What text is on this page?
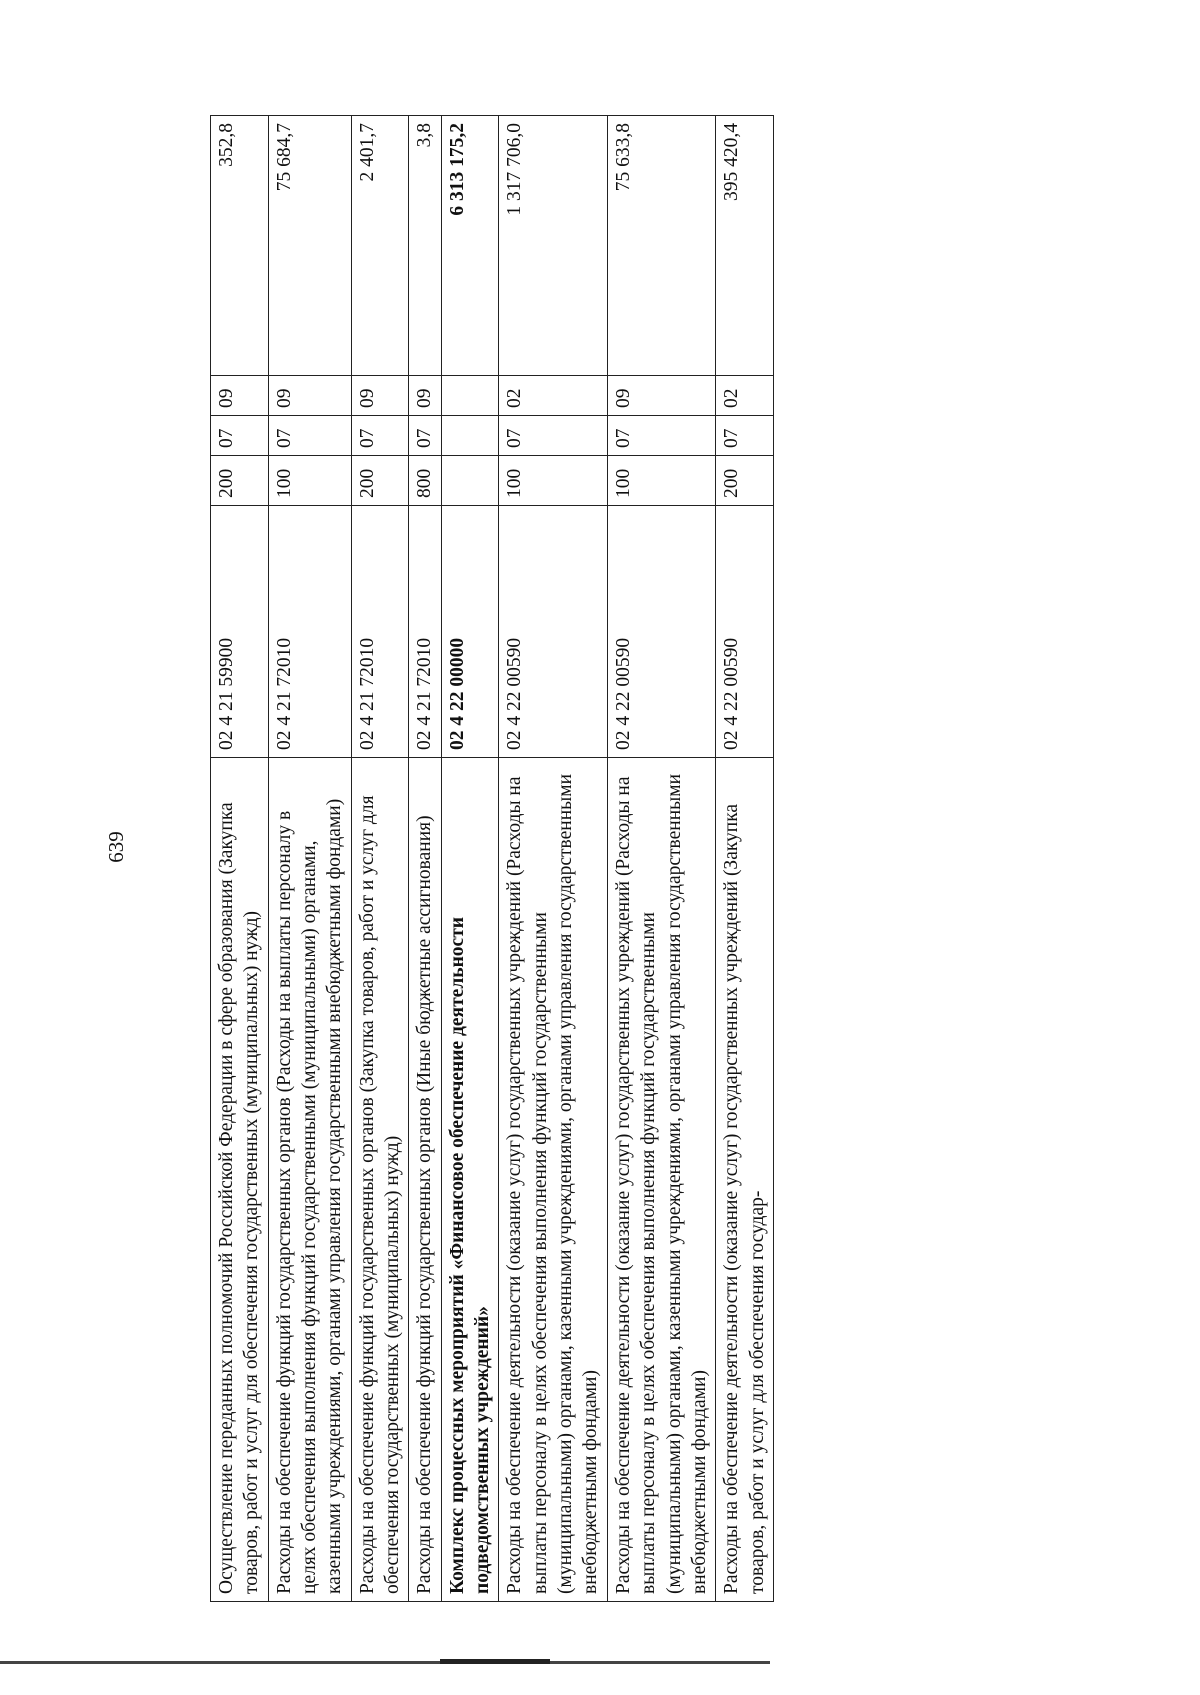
639	Осуществление переданных полномочий Российской Федерации в сфере образования (Закупка товаров, работ и услуг для обеспечения государственных (муниципальных) нужд)	02 4 21 59900	200	07	09	352,8
Расходы на обеспечение функций государственных органов (Расходы на выплаты персоналу в целях обеспечения выполнения функций государственными (муниципальными) органами, казенными учреждениями, органами управления государственными внебюджетными фондами)	02 4 21 72010	100	07	09	75 684,7
Расходы на обеспечение функций государственных органов (Закупка товаров, работ и услуг для обеспечения государственных (муниципальных) нужд)	02 4 21 72010	200	07	09	2 401,7
Расходы на обеспечение функций государственных органов (Иные бюджетные ассигнования)	02 4 21 72010	800	07	09	3,8
Комплекс процессных мероприятий «Финансовое обеспечение деятельности подведомственных учреждений»	02 4 22 00000				6 313 175,2
Расходы на обеспечение деятельности (оказание услуг) государственных учреждений (Расходы на выплаты персоналу в целях обеспечения выполнения функций государственными (муниципальными) органами, казенными учреждениями, органами управления государственными внебюджетными фондами)	02 4 22 00590	100	07	02	1 317 706,0
Расходы на обеспечение деятельности (оказание услуг) государственных учреждений (Расходы на выплаты персоналу в целях обеспечения выполнения функций государственными (муниципальными) органами, казенными учреждениями, органами управления государственными внебюджетными фондами)	02 4 22 00590	100	07	09	75 633,8
Расходы на обеспечение деятельности (оказание услуг) государственных учреждений (Закупка товаров, работ и услуг для обеспечения государ-	02 4 22 00590	200	07	02	395 420,4
